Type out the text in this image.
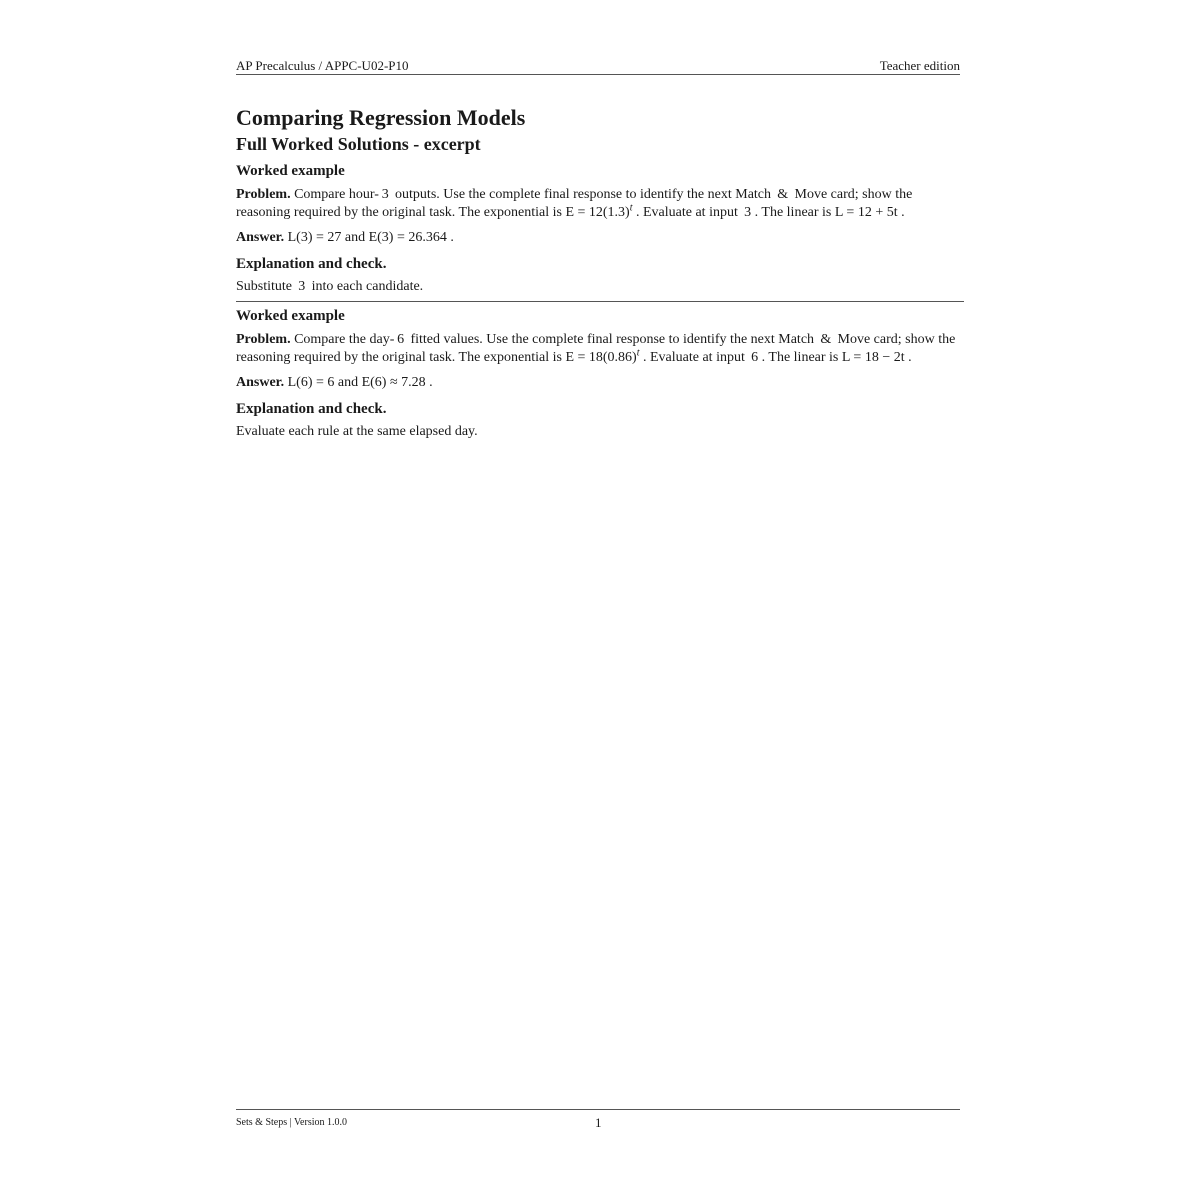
AP Precalculus / APPC-U02-P10	Teacher edition
Comparing Regression Models
Full Worked Solutions - excerpt
Worked example

Problem. Compare hour- 3  outputs. Use the complete final response to identify the next Match  &  Move card; show the reasoning required by the original task. The exponential is $E = 12(1.3)^t$ . Evaluate at input  3 . The linear is L = 12 + 5t .

Answer. L(3) = 27 and E(3) = 26.364 .

Explanation and check.

Substitute  3  into each candidate.

Worked example

Problem. Compare the day- 6  fitted values. Use the complete final response to identify the next Match  &  Move card; show the reasoning required by the original task. The exponential is $E = 18(0.86)^t$ . Evaluate at input  6 . The linear is L = 18 − 2t .

Answer. L(6) = 6 and E(6) ≈ 7.28 .

Explanation and check.

Evaluate each rule at the same elapsed day.

Sets & Steps | Version 1.0.0	1
